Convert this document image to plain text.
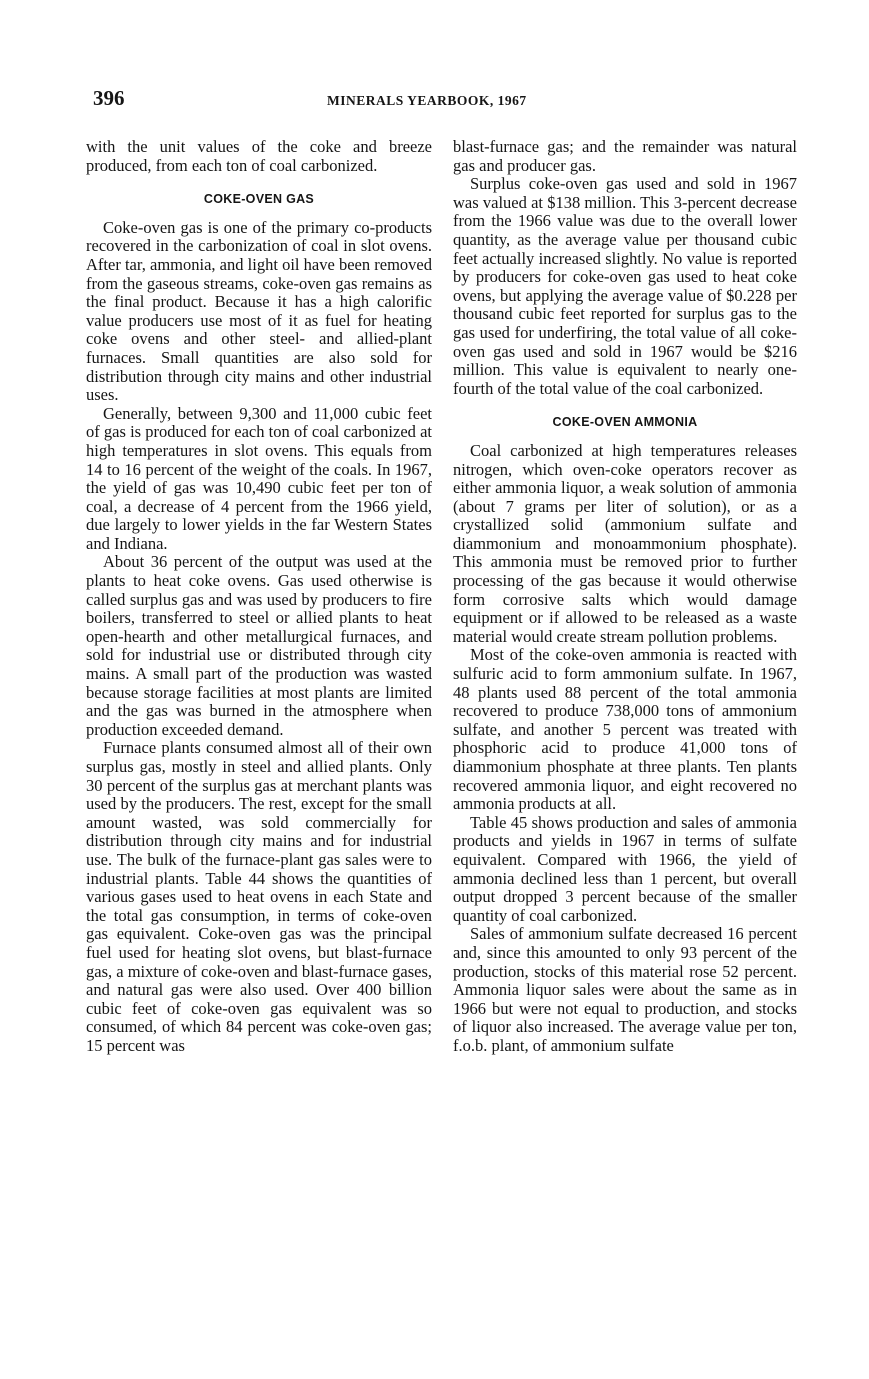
396	MINERALS YEARBOOK, 1967

with the unit values of the coke and breeze produced, from each ton of coal carbonized.

COKE-OVEN GAS

Coke-oven gas is one of the primary co-products recovered in the carbonization of coal in slot ovens. After tar, ammonia, and light oil have been removed from the gaseous streams, coke-oven gas remains as the final product. Because it has a high calorific value producers use most of it as fuel for heating coke ovens and other steel- and allied-plant furnaces. Small quantities are also sold for distribution through city mains and other industrial uses.

Generally, between 9,300 and 11,000 cubic feet of gas is produced for each ton of coal carbonized at high temperatures in slot ovens. This equals from 14 to 16 percent of the weight of the coals. In 1967, the yield of gas was 10,490 cubic feet per ton of coal, a decrease of 4 percent from the 1966 yield, due largely to lower yields in the far Western States and Indiana.

About 36 percent of the output was used at the plants to heat coke ovens. Gas used otherwise is called surplus gas and was used by producers to fire boilers, transferred to steel or allied plants to heat open-hearth and other metallurgical furnaces, and sold for industrial use or distributed through city mains. A small part of the production was wasted because storage facilities at most plants are limited and the gas was burned in the atmosphere when production exceeded demand.

Furnace plants consumed almost all of their own surplus gas, mostly in steel and allied plants. Only 30 percent of the surplus gas at merchant plants was used by the producers. The rest, except for the small amount wasted, was sold commercially for distribution through city mains and for industrial use. The bulk of the furnace-plant gas sales were to industrial plants. Table 44 shows the quantities of various gases used to heat ovens in each State and the total gas consumption, in terms of coke-oven gas equivalent. Coke-oven gas was the principal fuel used for heating slot ovens, but blast-furnace gas, a mixture of coke-oven and blast-furnace gases, and natural gas were also used. Over 400 billion cubic feet of coke-oven gas equivalent was so consumed, of which 84 percent was coke-oven gas; 15 percent was

blast-furnace gas; and the remainder was natural gas and producer gas.

Surplus coke-oven gas used and sold in 1967 was valued at $138 million. This 3-percent decrease from the 1966 value was due to the overall lower quantity, as the average value per thousand cubic feet actually increased slightly. No value is reported by producers for coke-oven gas used to heat coke ovens, but applying the average value of $0.228 per thousand cubic feet reported for surplus gas to the gas used for underfiring, the total value of all coke-oven gas used and sold in 1967 would be $216 million. This value is equivalent to nearly one-fourth of the total value of the coal carbonized.

COKE-OVEN AMMONIA

Coal carbonized at high temperatures releases nitrogen, which oven-coke operators recover as either ammonia liquor, a weak solution of ammonia (about 7 grams per liter of solution), or as a crystallized solid (ammonium sulfate and diammonium and monoammonium phosphate). This ammonia must be removed prior to further processing of the gas because it would otherwise form corrosive salts which would damage equipment or if allowed to be released as a waste material would create stream pollution problems.

Most of the coke-oven ammonia is reacted with sulfuric acid to form ammonium sulfate. In 1967, 48 plants used 88 percent of the total ammonia recovered to produce 738,000 tons of ammonium sulfate, and another 5 percent was treated with phosphoric acid to produce 41,000 tons of diammonium phosphate at three plants. Ten plants recovered ammonia liquor, and eight recovered no ammonia products at all.

Table 45 shows production and sales of ammonia products and yields in 1967 in terms of sulfate equivalent. Compared with 1966, the yield of ammonia declined less than 1 percent, but overall output dropped 3 percent because of the smaller quantity of coal carbonized.

Sales of ammonium sulfate decreased 16 percent and, since this amounted to only 93 percent of the production, stocks of this material rose 52 percent. Ammonia liquor sales were about the same as in 1966 but were not equal to production, and stocks of liquor also increased. The average value per ton, f.o.b. plant, of ammonium sulfate
